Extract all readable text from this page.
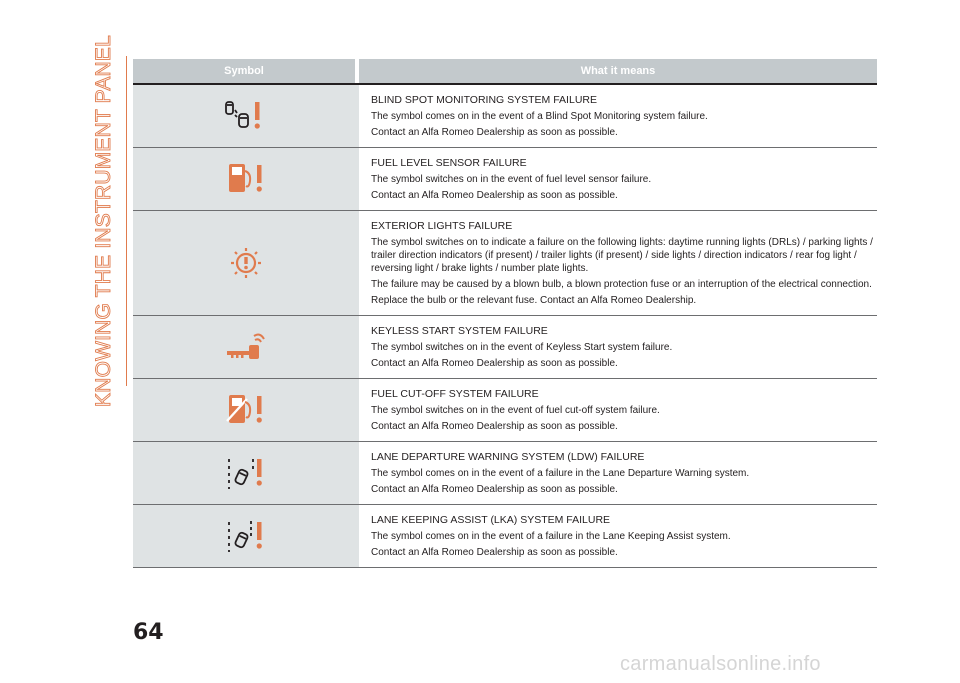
KNOWING THE INSTRUMENT PANEL	Symbol	What it means
BLIND SPOT MONITORING SYSTEM FAILURE
The symbol comes on in the event of a Blind Spot Monitoring system failure.
Contact an Alfa Romeo Dealership as soon as possible.
FUEL LEVEL SENSOR FAILURE
The symbol switches on in the event of fuel level sensor failure.
Contact an Alfa Romeo Dealership as soon as possible.
EXTERIOR LIGHTS FAILURE
The symbol switches on to indicate a failure on the following lights: daytime running lights (DRLs) / parking lights / trailer direction indicators (if present) / trailer lights (if present) / side lights / direction indicators / rear fog light / reversing light / brake lights / number plate lights.
The failure may be caused by a blown bulb, a blown protection fuse or an interruption of the electrical connection.
Replace the bulb or the relevant fuse. Contact an Alfa Romeo Dealership.
KEYLESS START SYSTEM FAILURE
The symbol switches on in the event of Keyless Start system failure.
Contact an Alfa Romeo Dealership as soon as possible.
FUEL CUT-OFF SYSTEM FAILURE
The symbol switches on in the event of fuel cut-off system failure.
Contact an Alfa Romeo Dealership as soon as possible.
LANE DEPARTURE WARNING SYSTEM (LDW) FAILURE
The symbol comes on in the event of a failure in the Lane Departure Warning system.
Contact an Alfa Romeo Dealership as soon as possible.
LANE KEEPING ASSIST (LKA) SYSTEM FAILURE
The symbol comes on in the event of a failure in the Lane Keeping Assist system.
Contact an Alfa Romeo Dealership as soon as possible.
64
carmanualsonline.info
